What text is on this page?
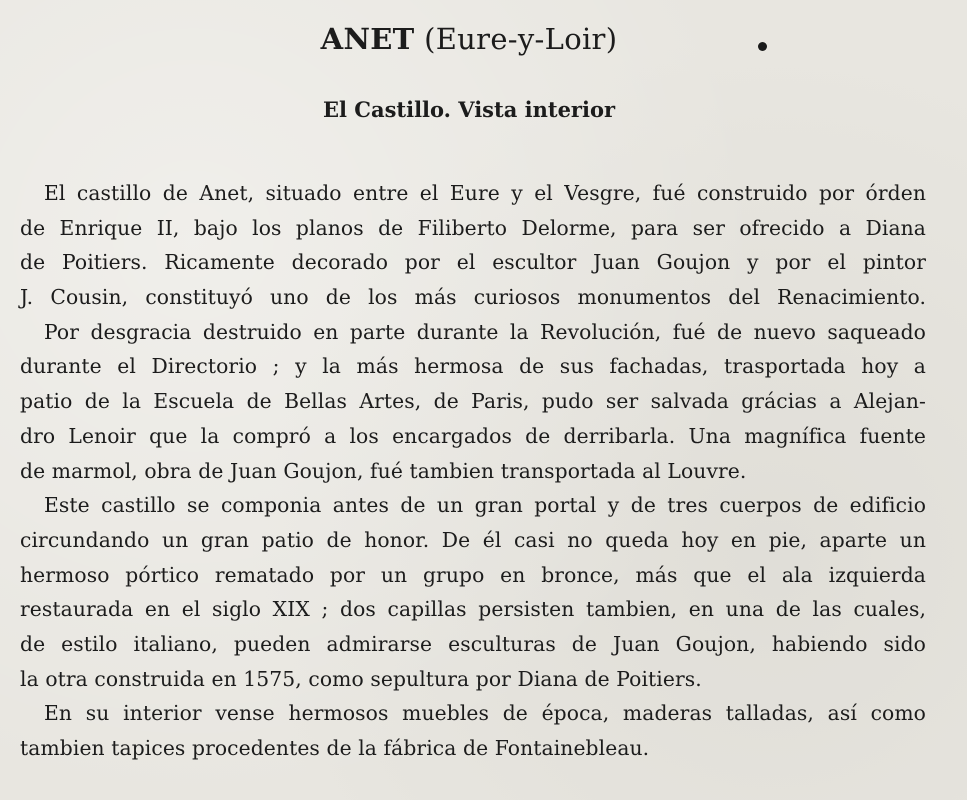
ANET (Eure-y-Loir)
El Castillo. Vista interior
El castillo de Anet, situado entre el Eure y el Vesgre, fué construido por órden
de Enrique II, bajo los planos de Filiberto Delorme, para ser ofrecido a Diana
de Poitiers. Ricamente decorado por el escultor Juan Goujon y por el pintor
J. Cousin, constituyó uno de los más curiosos monumentos del Renacimiento.
Por desgracia destruido en parte durante la Revolución, fué de nuevo saqueado
durante el Directorio ; y la más hermosa de sus fachadas, trasportada hoy a
patio de la Escuela de Bellas Artes, de Paris, pudo ser salvada grácias a Alejan-
dro Lenoir que la compró a los encargados de derribarla. Una magnífica fuente
de marmol, obra de Juan Goujon, fué tambien transportada al Louvre.
Este castillo se componia antes de un gran portal y de tres cuerpos de edificio
circundando un gran patio de honor. De él casi no queda hoy en pie, aparte un
hermoso pórtico rematado por un grupo en bronce, más que el ala izquierda
restaurada en el siglo XIX ; dos capillas persisten tambien, en una de las cuales,
de estilo italiano, pueden admirarse esculturas de Juan Goujon, habiendo sido
la otra construida en 1575, como sepultura por Diana de Poitiers.
En su interior vense hermosos muebles de época, maderas talladas, así como
tambien tapices procedentes de la fábrica de Fontainebleau.
